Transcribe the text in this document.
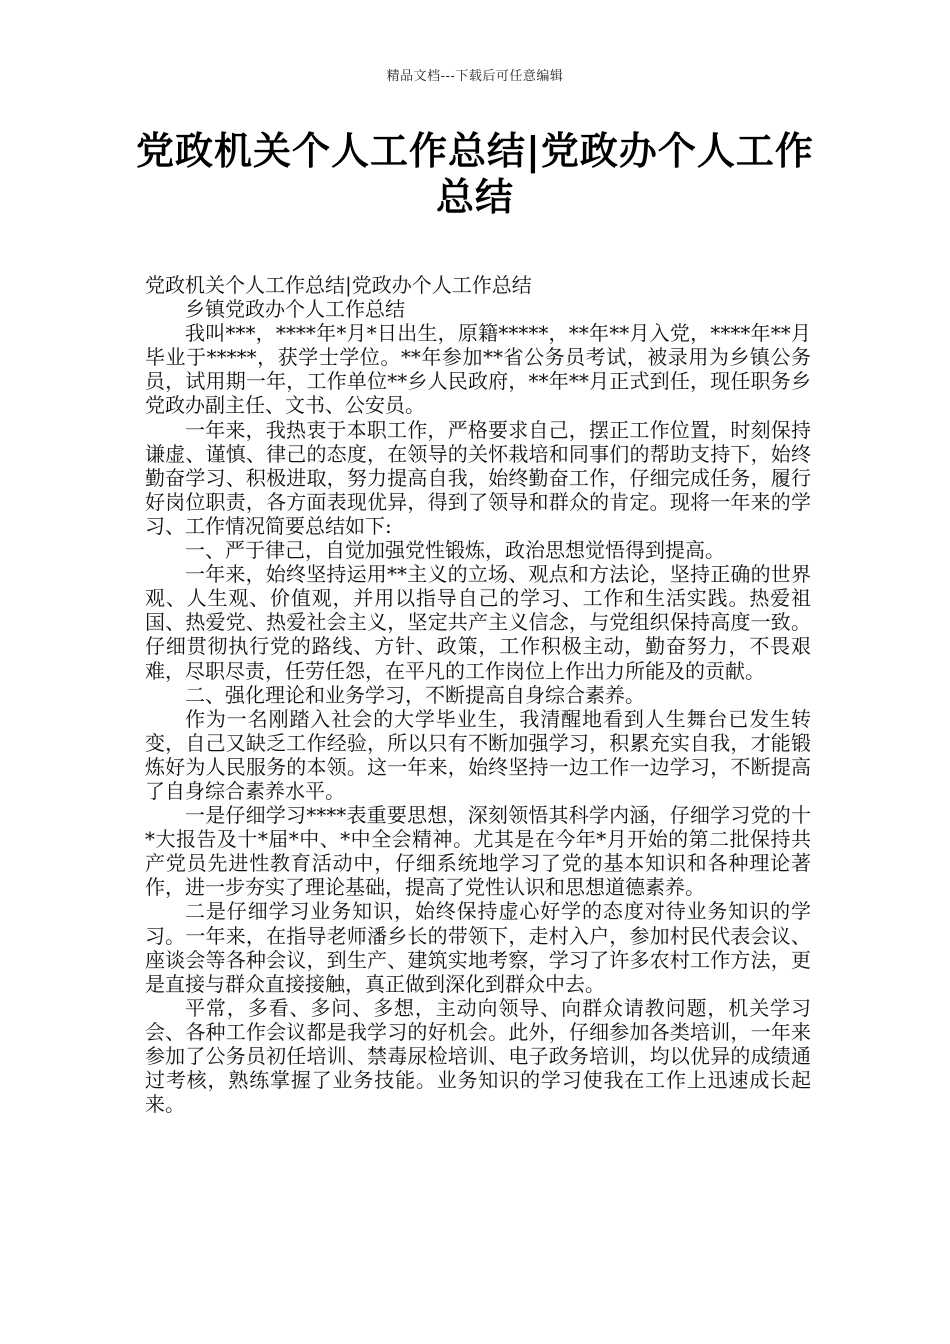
精品文档---下载后可任意编辑
党政机关个人工作总结|党政办个人工作总结

党政机关个人工作总结|党政办个人工作总结

乡镇党政办个人工作总结

我叫***，****年*月*日出生，原籍*****，**年**月入党，****年**月毕业于*****，获学士学位。**年参加**省公务员考试，被录用为乡镇公务员，试用期一年，工作单位**乡人民政府，**年**月正式到任，现任职务乡党政办副主任、文书、公安员。

一年来，我热衷于本职工作，严格要求自己，摆正工作位置，时刻保持谦虚、谨慎、律己的态度，在领导的关怀栽培和同事们的帮助支持下，始终勤奋学习、积极进取，努力提高自我，始终勤奋工作，仔细完成任务，履行好岗位职责，各方面表现优异，得到了领导和群众的肯定。现将一年来的学习、工作情况简要总结如下:

一、严于律己，自觉加强党性锻炼，政治思想觉悟得到提高。

一年来，始终坚持运用**主义的立场、观点和方法论，坚持正确的世界观、人生观、价值观，并用以指导自己的学习、工作和生活实践。热爱祖国、热爱党、热爱社会主义，坚定共产主义信念，与党组织保持高度一致。仔细贯彻执行党的路线、方针、政策，工作积极主动，勤奋努力，不畏艰难，尽职尽责，任劳任怨，在平凡的工作岗位上作出力所能及的贡献。

二、强化理论和业务学习，不断提高自身综合素养。

作为一名刚踏入社会的大学毕业生，我清醒地看到人生舞台已发生转变，自己又缺乏工作经验，所以只有不断加强学习，积累充实自我，才能锻炼好为人民服务的本领。这一年来，始终坚持一边工作一边学习，不断提高了自身综合素养水平。

一是仔细学习****表重要思想，深刻领悟其科学内涵，仔细学习党的十*大报告及十*届*中、*中全会精神。尤其是在今年*月开始的第二批保持共产党员先进性教育活动中，仔细系统地学习了党的基本知识和各种理论著作，进一步夯实了理论基础，提高了党性认识和思想道德素养。

二是仔细学习业务知识，始终保持虚心好学的态度对待业务知识的学习。一年来，在指导老师潘乡长的带领下，走村入户，参加村民代表会议、座谈会等各种会议，到生产、建筑实地考察，学习了许多农村工作方法，更是直接与群众直接接触，真正做到深化到群众中去。

平常，多看、多问、多想，主动向领导、向群众请教问题，机关学习会、各种工作会议都是我学习的好机会。此外，仔细参加各类培训，一年来参加了公务员初任培训、禁毒尿检培训、电子政务培训，均以优异的成绩通过考核，熟练掌握了业务技能。业务知识的学习使我在工作上迅速成长起来。
